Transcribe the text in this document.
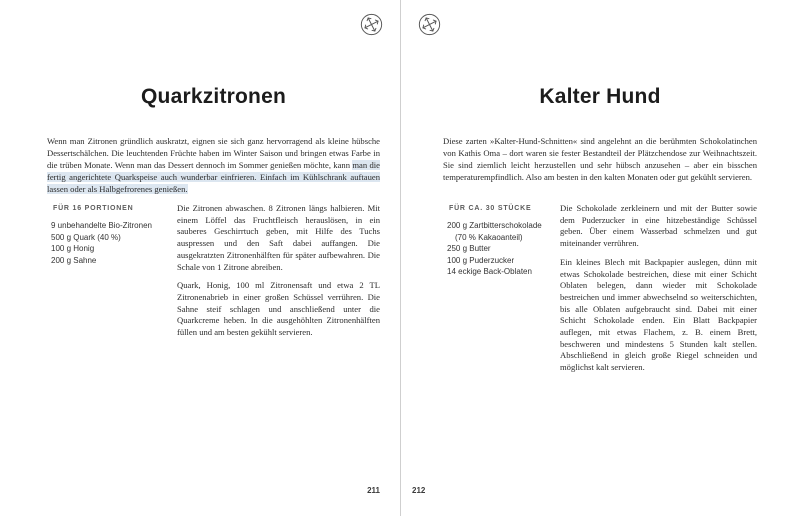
Quarkzitronen

Wenn man Zitronen gründlich auskratzt, eignen sie sich ganz hervorragend als kleine hübsche Dessertschälchen. Die leuchtenden Früchte haben im Winter Saison und bringen etwas Farbe in die trüben Monate. Wenn man das Dessert dennoch im Sommer genießen möchte, kann man die fertig angerichtete Quarkspeise auch wunderbar einfrieren. Einfach im Kühlschrank auftauen lassen oder als Halbgefrorenes genießen.

FÜR 16 PORTIONEN
9 unbehandelte Bio-Zitronen
500 g Quark (40 %)
100 g Honig
200 g Sahne

Die Zitronen abwaschen. 8 Zitronen längs halbieren. Mit einem Löffel das Fruchtfleisch herauslösen, in ein sauberes Geschirrtuch geben, mit Hilfe des Tuchs auspressen und den Saft dabei auffangen. Die ausgekratzten Zitronenhälften für später aufbewahren. Die Schale von 1 Zitrone abreiben.

Quark, Honig, 100 ml Zitronensaft und etwa 2 TL Zitronenabrieb in einer großen Schüssel verrühren. Die Sahne steif schlagen und anschließend unter die Quarkcreme heben. In die ausgehöhlten Zitronenhälften füllen und am besten gekühlt servieren.

Kalter Hund

Diese zarten »Kalter-Hund-Schnitten« sind angelehnt an die berühmten Schokolatinchen von Kathis Oma – dort waren sie fester Bestandteil der Plätzchendose zur Weihnachtszeit. Sie sind ziemlich leicht herzustellen und sehr hübsch anzusehen – aber ein bisschen temperaturempfindlich. Also am besten in den kalten Monaten oder gut gekühlt servieren.

FÜR CA. 30 STÜCKE
200 g Zartbitterschokolade
(70 % Kakaoanteil)
250 g Butter
100 g Puderzucker
14 eckige Back-Oblaten

Die Schokolade zerkleinern und mit der Butter sowie dem Puderzucker in eine hitzebeständige Schüssel geben. Über einem Wasserbad schmelzen und gut miteinander verrühren.

Ein kleines Blech mit Backpapier auslegen, dünn mit etwas Schokolade bestreichen, diese mit einer Schicht Oblaten belegen, dann wieder mit Schokolade bestreichen und immer abwechselnd so weiterschichten, bis alle Oblaten aufgebraucht sind. Dabei mit einer Schicht Schokolade enden. Ein Blatt Backpapier auflegen, mit etwas Flachem, z. B. einem Brett, beschweren und mindestens 5 Stunden kalt stellen. Abschließend in gleich große Riegel schneiden und möglichst kalt servieren.

211	212
